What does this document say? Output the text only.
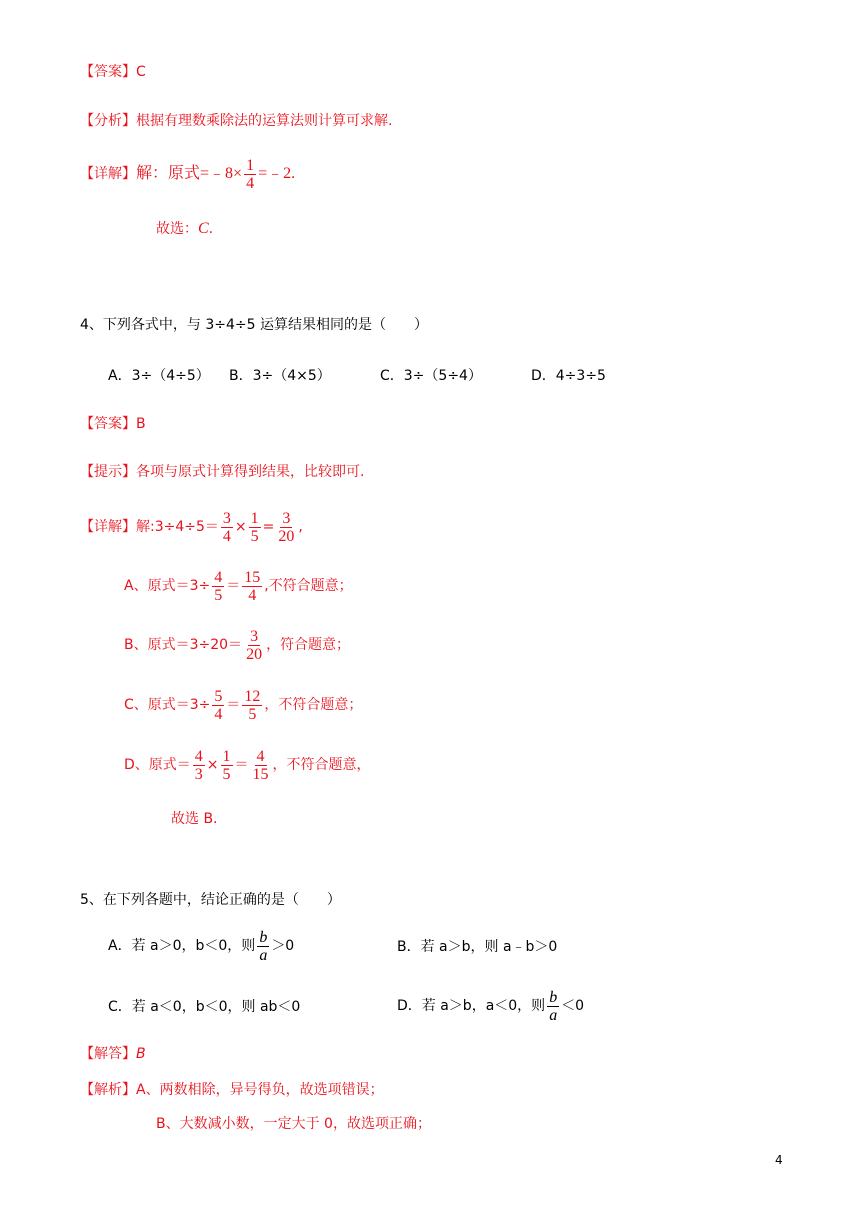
【答案】C
【分析】根据有理数乘除法的运算法则计算可求解.
【详解】解：原式=﹣8× $\frac{1}{4}$ =﹣2.
故选：C.
4、下列各式中，与 3÷4÷5 运算结果相同的是（　　）
A．3÷（4÷5） B．3÷（4×5）	C．3÷（5÷4）	D．4÷3÷5
【答案】B
【提示】各项与原式计算得到结果，比较即可.
【详解】解:3÷4÷5＝ $\frac{3}{4} \times \frac{1}{5} = \frac{3}{20}$ ,
A、原式$=3\div \frac{4}{5} = \frac{15}{4}$ ,不符合题意；
B、原式$=3\div 20= \frac{3}{20}$ ，符合题意；
C、原式$=3\div \frac{5}{4} = \frac{12}{5}$ ，不符合题意；
D、原式＝ $\frac{4}{3} \times \frac{1}{5} = \frac{4}{15}$ ，不符合题意，
故选 B.
5、在下列各题中，结论正确的是（　　）
A．若 a＞0，b＜0，则 $\frac{b}{a} >0$	B．若 a＞b，则 a﹣b＞0
C．若 a＜0，b＜0，则 ab＜0	D．若 a＞b，a＜0，则 $\frac{b}{a} <0$
【解答】B
【解析】A、两数相除，异号得负，故选项错误；
B、大数减小数，一定大于 0，故选项正确；
4
